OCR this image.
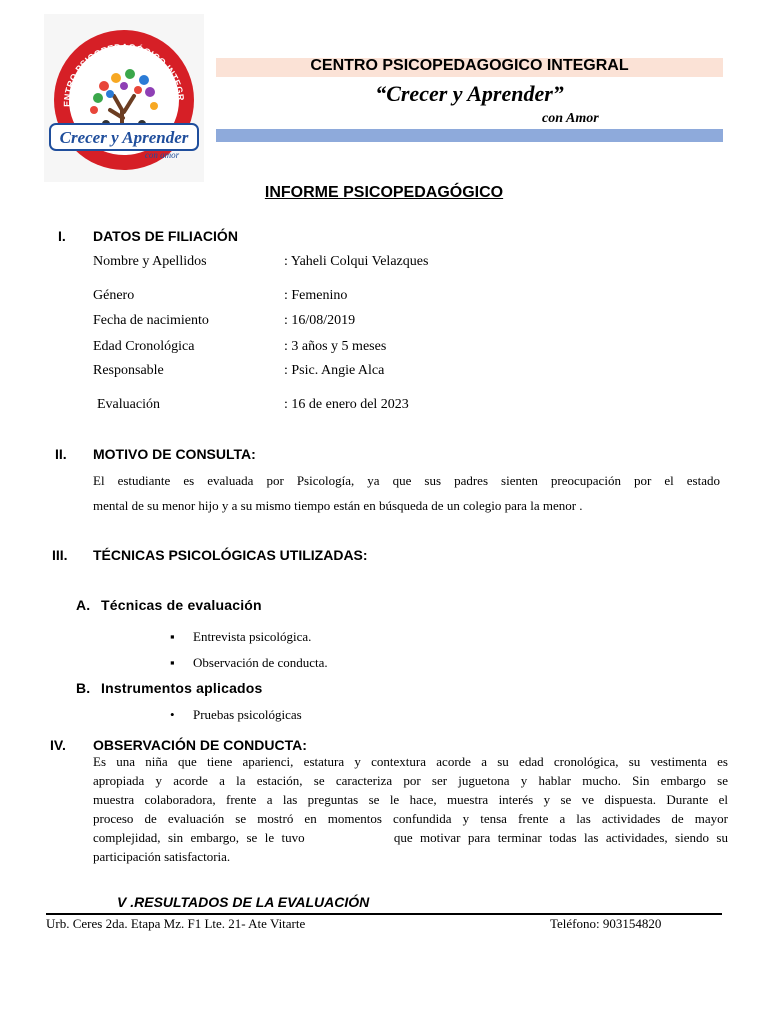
ENTRO PSICOPEDAGÓGICO INTEGR
Crecer y Aprender
con amor
CENTRO PSICOPEDAGOGICO INTEGRAL
“Crecer y Aprender”
con Amor
INFORME PSICOPEDAGÓGICO
I. DATOS DE FILIACIÓN
Nombre y Apellidos	: Yaheli Colqui Velazques
Género	: Femenino
Fecha de nacimiento	: 16/08/2019
Edad Cronológica	: 3 años y 5 meses
Responsable	: Psic. Angie Alca
Evaluación	: 16 de enero del 2023
II. MOTIVO DE CONSULTA:
El estudiante es evaluada por Psicología, ya que sus padres sienten preocupación por el estado
mental de su menor hijo y a su mismo tiempo están en búsqueda de un colegio para la menor .
III. TÉCNICAS PSICOLÓGICAS UTILIZADAS:
A. Técnicas de evaluación
▪ Entrevista psicológica.
▪ Observación de conducta.
B. Instrumentos aplicados
• Pruebas psicológicas
IV. OBSERVACIÓN DE CONDUCTA:
Es una niña que tiene aparienci, estatura y contextura acorde a su edad cronológica, su vestimenta es
apropiada y acorde a la estación, se caracteriza por ser juguetona y hablar mucho. Sin embargo se
muestra colaboradora, frente a las preguntas se le hace, muestra interés y se ve dispuesta. Durante el
proceso de evaluación se mostró en momentos confundida y tensa frente a las actividades de mayor
complejidad, sin embargo, se le tuvo            que motivar para terminar todas las actividades, siendo su
participación satisfactoria.
V .RESULTADOS DE LA EVALUACIÓN
Urb. Ceres 2da. Etapa Mz. F1 Lte. 21- Ate Vitarte	Teléfono: 903154820
